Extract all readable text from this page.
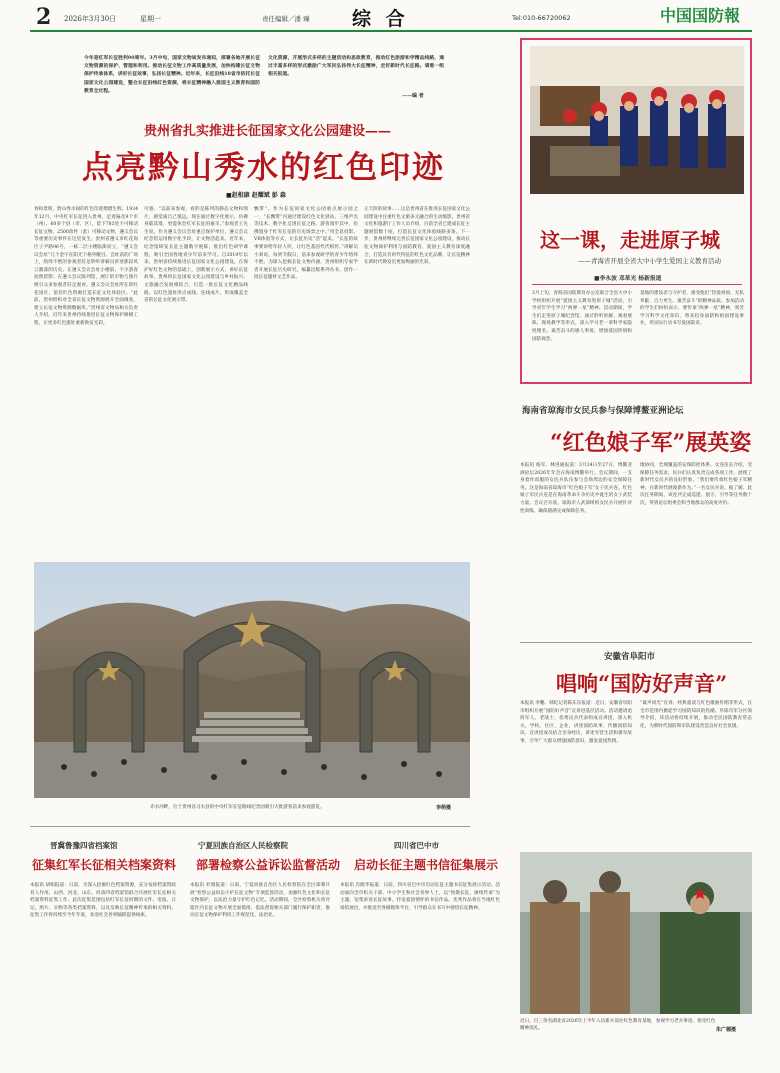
2 2026年3月30日	星期一	责任编辑／潘 臻 综 合	Tel:010-66720062	中国国防報
今年是红军长征胜利90周年。3月中旬，国家文物局发布通知，部署各地开展长征文物资源的保护、管理和利用。推动长征文物工作高质量发展，加快构建长征文物保护传承体系，讲好长征故事，弘扬长征精神。近年来，长征沿线18省市依托长征国家文化公园建设，整合长征沿线红色资源，将长征精神融入爱国主义教育和国防教育全过程。
文化资源，开展形式多样的主题活动和思政教育，推动红色旅游和学精品线路，通过丰富多样的形式激励广大军民弘扬伟大长征精神，走好新时代长征路。请看一组相关报道。
——编 者
贵州省扎实推进长征国家文化公园建设——
点亮黔山秀水的红色印迹
■赵相康 赵耀斌 彭 森
春和景明，黔山秀水间的红色印迹熠熠生辉。1934年12月，中央红军长征进入贵州，足迹遍及9个市（州）、60多个县（市、区），留下783处不可移动长征文物、2500余件（套）可移动文物，遵义会议等重要历史事件在这里发生。贵州省遵义市红花岗区子尹路96号，一栋二层小楼临街而立，“遵义会议会址”几个金字在阳光下格外醒目。会址前的广场上，络绎不绝的参观者驻足聆听讲解员讲述那段风云激荡的历史。在遵义会议会址小楼前，不少游客拍照留影；在遵义会议陈列馆，展厅的市物与图片吸引众多参观者驻足观看。遵义会议会址所在的红花岗区，依托红色资源打造长征文化体验区。“此前，贵州组织对全省长征文物资源展开全面调查，建立长征文物资源数据库。”贵州省文物局相关负责人介绍，近年来贵州持续推进长征文物保护修缮工程，让更多红色遗址重新焕发光彩。
可感。“以前来参观，看的是陈列的静态文物和图片，感觉离自己很远。现在通过数字化展示，仿佛身临其境，更能体会红军长征的艰辛。”参观者王先生说。作为遵义会议会址重点保护单位，遵义会议纪念馆运用数字化手段，让文物活起来。近年来，纪念馆研发长征主题数字展陈，推出红色研学课程，吸引全国各地青少年前来学习。自2019年以来，贵州省持续推进长征国家文化公园建设，在保护好红色文物的基础上，创新展示方式，讲好长征故事。贵州将长征国家文化公园建设与乡村振兴、文旅融合发展相结合，打造一批长征文化精品线路。以红色遗址串点成线、连线成片，形成覆盖全省的长征文化展示带。
飘带”。作为长征国家文化公园重点展示园之一，“长飘带”内通过建设红色文化驿站、三维声光等技术，数字化呈现长征之路。游客漫步其中，仿佛置身于红军长征的历史场景之中。”用全息投影、VR体验等方式，让长征历史“活”起来。“长征的故事要讲给年轻人听，让红色基因代代相传。”讲解员小刘说。每到节假日，前来参观研学的青少年络绎不绝。为深入挖掘长征文物内涵，贵州组织专家学者开展长征历史研究，编纂出版系列丛书，创作一批长征题材文艺作品。
正天险的故事……这是贵州省在推进长征国家文化公园建设中注重红色文旅多元融合的生动缩影。贵州省文化和旅游厅工作人员介绍，目前全省已建成长征主题展馆数十座，打造长征文化体验线路多条。下一步，贵州将继续完善长征国家文化公园建设，推动长征文物保护利用与国防教育、爱国主义教育深度融合，打造具有时代特征的红色文化品牌，让长征精神在新时代焕发出更加绚丽的光彩。
赤水河畔，位于贵州省习水县的中央红军长征路线纪念园吸引大批游客前来参观游览。	李萌摄
这一课，走进原子城
——青海省开展全省大中小学生爱国主义教育活动
■李永波 邓革光 杨新报道
3月上旬，青海省国防教育办公室联合全省大中小学校组织开展“爱国主义教育进原子城”活动，引导青年学生学习“两弹一星”精神。活动期间，学生们走进原子城纪念馆，通过聆听讲解、观看展陈、现场教学等形式，深入学习老一辈科学家隐姓埋名、艰苦奋斗的感人事迹，增强爱国热情和国防观念。
基地的建设者与守护者，感受他们“热爱祖国、无私奉献、自力更生、艰苦奋斗”的精神品质。参加活动的学生们纷纷表示，要传承“两弹一星”精神，刻苦学习科学文化知识，将来投身国防和祖国建设事业，用实际行动书写爱国篇章。
海南省琼海市女民兵参与保障博鳌亚洲论坛
“红色娘子军”展英姿
本报讯 杨军、林进通报道：3月24日至27日，博鳌亚洲论坛2026年年会在海南博鳌举行。会议期间，一支身着作训服的女民兵队伍参与会场周边的安全保障任务。这是海南省琼海市“红色娘子军”女子民兵连。红色娘子军民兵连是在海南革命斗争历史中诞生的女子武装力量。会议召开前，琼海市人武部组织女民兵开展针对性训练，确保圆满完成保障任务。
地协同，全域覆盖的安保防控体系。女连连长介绍，受保障任务需求，民兵们认真负责完成各项工作，展现了新时代女民兵的良好形象。“我们要传承红色娘子军精神，在新时代展现新作为。”一名女民兵说。据了解，此次任务期间，该连共完成巡逻、值守、引导等任务数十次，得到论坛组委会和当地群众的高度评价。
安徽省阜阳市
唱响“国防好声音”
本报讯 李鹏、韩纪记者陈东东报道：近日，安徽省阜阳市组织开展“国防好声音”宣讲进基层活动。活动邀请退役军人、老战士、优秀民兵代表组成宣讲团，深入机关、学校、社区、企业，讲述国防故事，传播国防知识。宣讲团成员结合亲身经历，讲述军营生活和强军故事，引导广大群众增强国防意识，激发爱国热情。
“最声同光”宣讲、经典童谣与红色歌曲传唱等形式，在全市范围内掀起学习国防知识的热潮。阜阳市军分区领导介绍，该活动将持续开展，推动全民国防教育常态化，为新时代国防和军队建设营造良好社会氛围。
晋冀鲁豫四省档案馆
征集红军长征相关档案资料
本报讯 胡娟报道：日前，为深入挖掘红色档案资源，充分发挥档案资政育人作用，山西、河北、山东、河南四省档案馆联合开展红军长征相关档案资料征集工作。此次征集范围包括红军长征时期的文件、电报、日记、照片、实物等各类档案资料，以及反映长征精神传承的相关资料。征集工作将持续至今年年底，欢迎社会各界踊跃提供线索。
宁夏回族自治区人民检察院
部署检察公益诉讼监督活动
本报讯 杜瑞报道：日前，宁夏回族自治区人民检察院在全区部署开展“检察公益诉讼守护长征文物”专项监督活动，加强红色文化和长征文物保护，以法治力量守护红色记忆。活动期间，全区检察机关将对辖区内长征文物开展全面摸排，依法督促相关部门履行保护职责，推动长征文物保护利用工作规范化、法治化。
四川省巴中市
启动长征主题书信征集展示
本报讯 肖晓华报道：日前，四川省巴中市启动长征主题书信征集展示活动。活动面向全市机关干部、中小学生和社会各界人士，以“致敬长征、赓续传承”为主题，征集讲述长征故事、抒发爱国情怀的书信作品。优秀作品将在当地红色场馆展出，并推送至各级媒体平台，引导群众在书写中感悟长征精神。
近日，百三余名湖北省2026年上半年入伍新兵前往红色教育基地，参观学习老兵事迹，接受红色精神洗礼。	朱广德摄
